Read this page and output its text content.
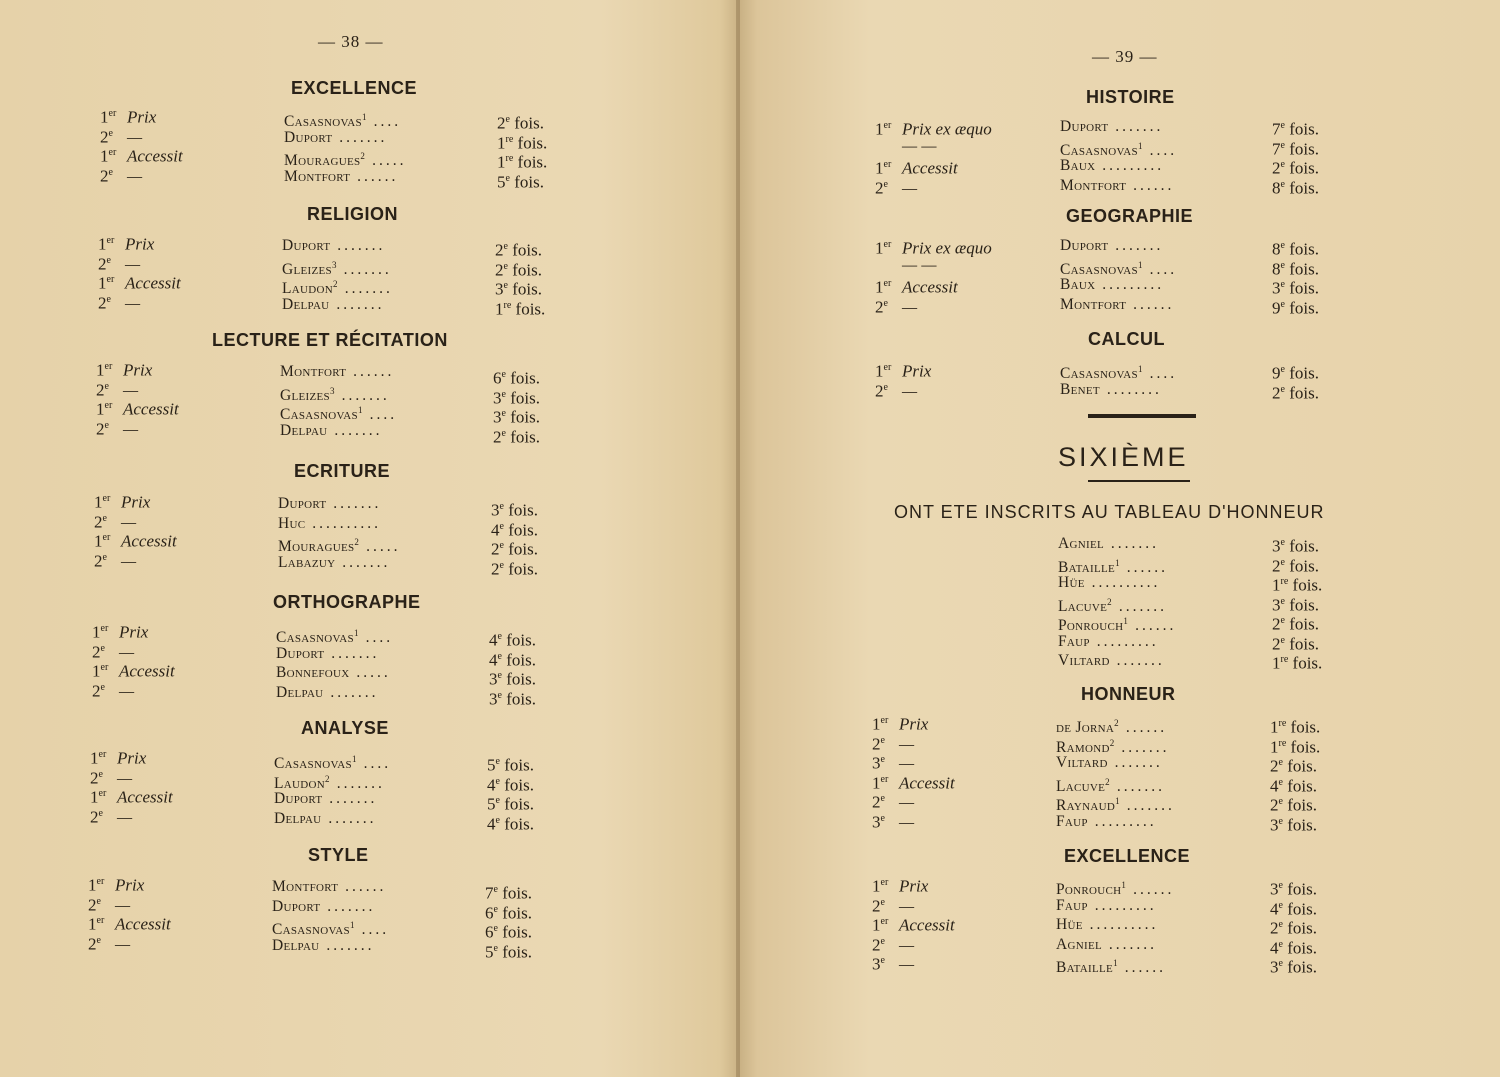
— 38 —
EXCELLENCE
1er Prix
2e —
1er Accessit
2e —
Casasnovas$^1$ ....
Duport .......
Mouragues$^2$ .....
Montfort ......
2e fois.
1re fois.
1re fois.
5e fois.
RELIGION
1er Prix
2e —
1er Accessit
2e —
Duport .......
Gleizes$^3$ .......
Laudon$^2$ .......
Delpau .......
2e fois.
2e fois.
3e fois.
1re fois.
LECTURE ET RÉCITATION
1er Prix
2e —
1er Accessit
2e —
Montfort ......
Gleizes$^3$ .......
Casasnovas$^1$ ....
Delpau .......
6e fois.
3e fois.
3e fois.
2e fois.
ECRITURE
1er Prix
2e —
1er Accessit
2e —
Duport .......
Huc ..........
Mouragues$^2$ .....
Labazuy .......
3e fois.
4e fois.
2e fois.
2e fois.
ORTHOGRAPHE
1er Prix
2e —
1er Accessit
2e —
Casasnovas$^1$ ....
Duport .......
Bonnefoux .....
Delpau .......
4e fois.
4e fois.
3e fois.
3e fois.
ANALYSE
1er Prix
2e —
1er Accessit
2e —
Casasnovas$^1$ ....
Laudon$^2$ .......
Duport .......
Delpau .......
5e fois.
4e fois.
5e fois.
4e fois.
STYLE
1er Prix
2e —
1er Accessit
2e —
Montfort ......
Duport .......
Casasnovas$^1$ ....
Delpau .......
7e fois.
6e fois.
6e fois.
5e fois.
— 39 —
SIXIÈME
ONT ETE INSCRITS AU TABLEAU D'HONNEUR
HISTOIRE
1er Prix ex æquo
— —
1er Accessit
2e —
Duport .......
Casasnovas$^1$ ....
Baux .........
Montfort ......
7e fois.
7e fois.
2e fois.
8e fois.
GEOGRAPHIE
1er Prix ex æquo
— —
1er Accessit
2e —
Duport .......
Casasnovas$^1$ ....
Baux .........
Montfort ......
8e fois.
8e fois.
3e fois.
9e fois.
CALCUL
1er Prix
2e —
Casasnovas$^1$ ....
Benet ........
9e fois.
2e fois.
Agniel .......
Bataille$^1$ ......
Hüe ..........
Lacuve$^2$ .......
Ponrouch$^1$ ......
Faup .........
Viltard .......
3e fois.
2e fois.
1re fois.
3e fois.
2e fois.
2e fois.
1re fois.
HONNEUR
1er Prix
2e —
3e —
1er Accessit
2e —
3e —
de Jorna$^2$ ......
Ramond$^2$ .......
Viltard .......
Lacuve$^2$ .......
Raynaud$^1$ .......
Faup .........
1re fois.
1re fois.
2e fois.
4e fois.
2e fois.
3e fois.
EXCELLENCE
1er Prix
2e —
1er Accessit
2e —
3e —
Ponrouch$^1$ ......
Faup .........
Hüe ..........
Agniel .......
Bataille$^1$ ......
3e fois.
4e fois.
2e fois.
4e fois.
3e fois.
